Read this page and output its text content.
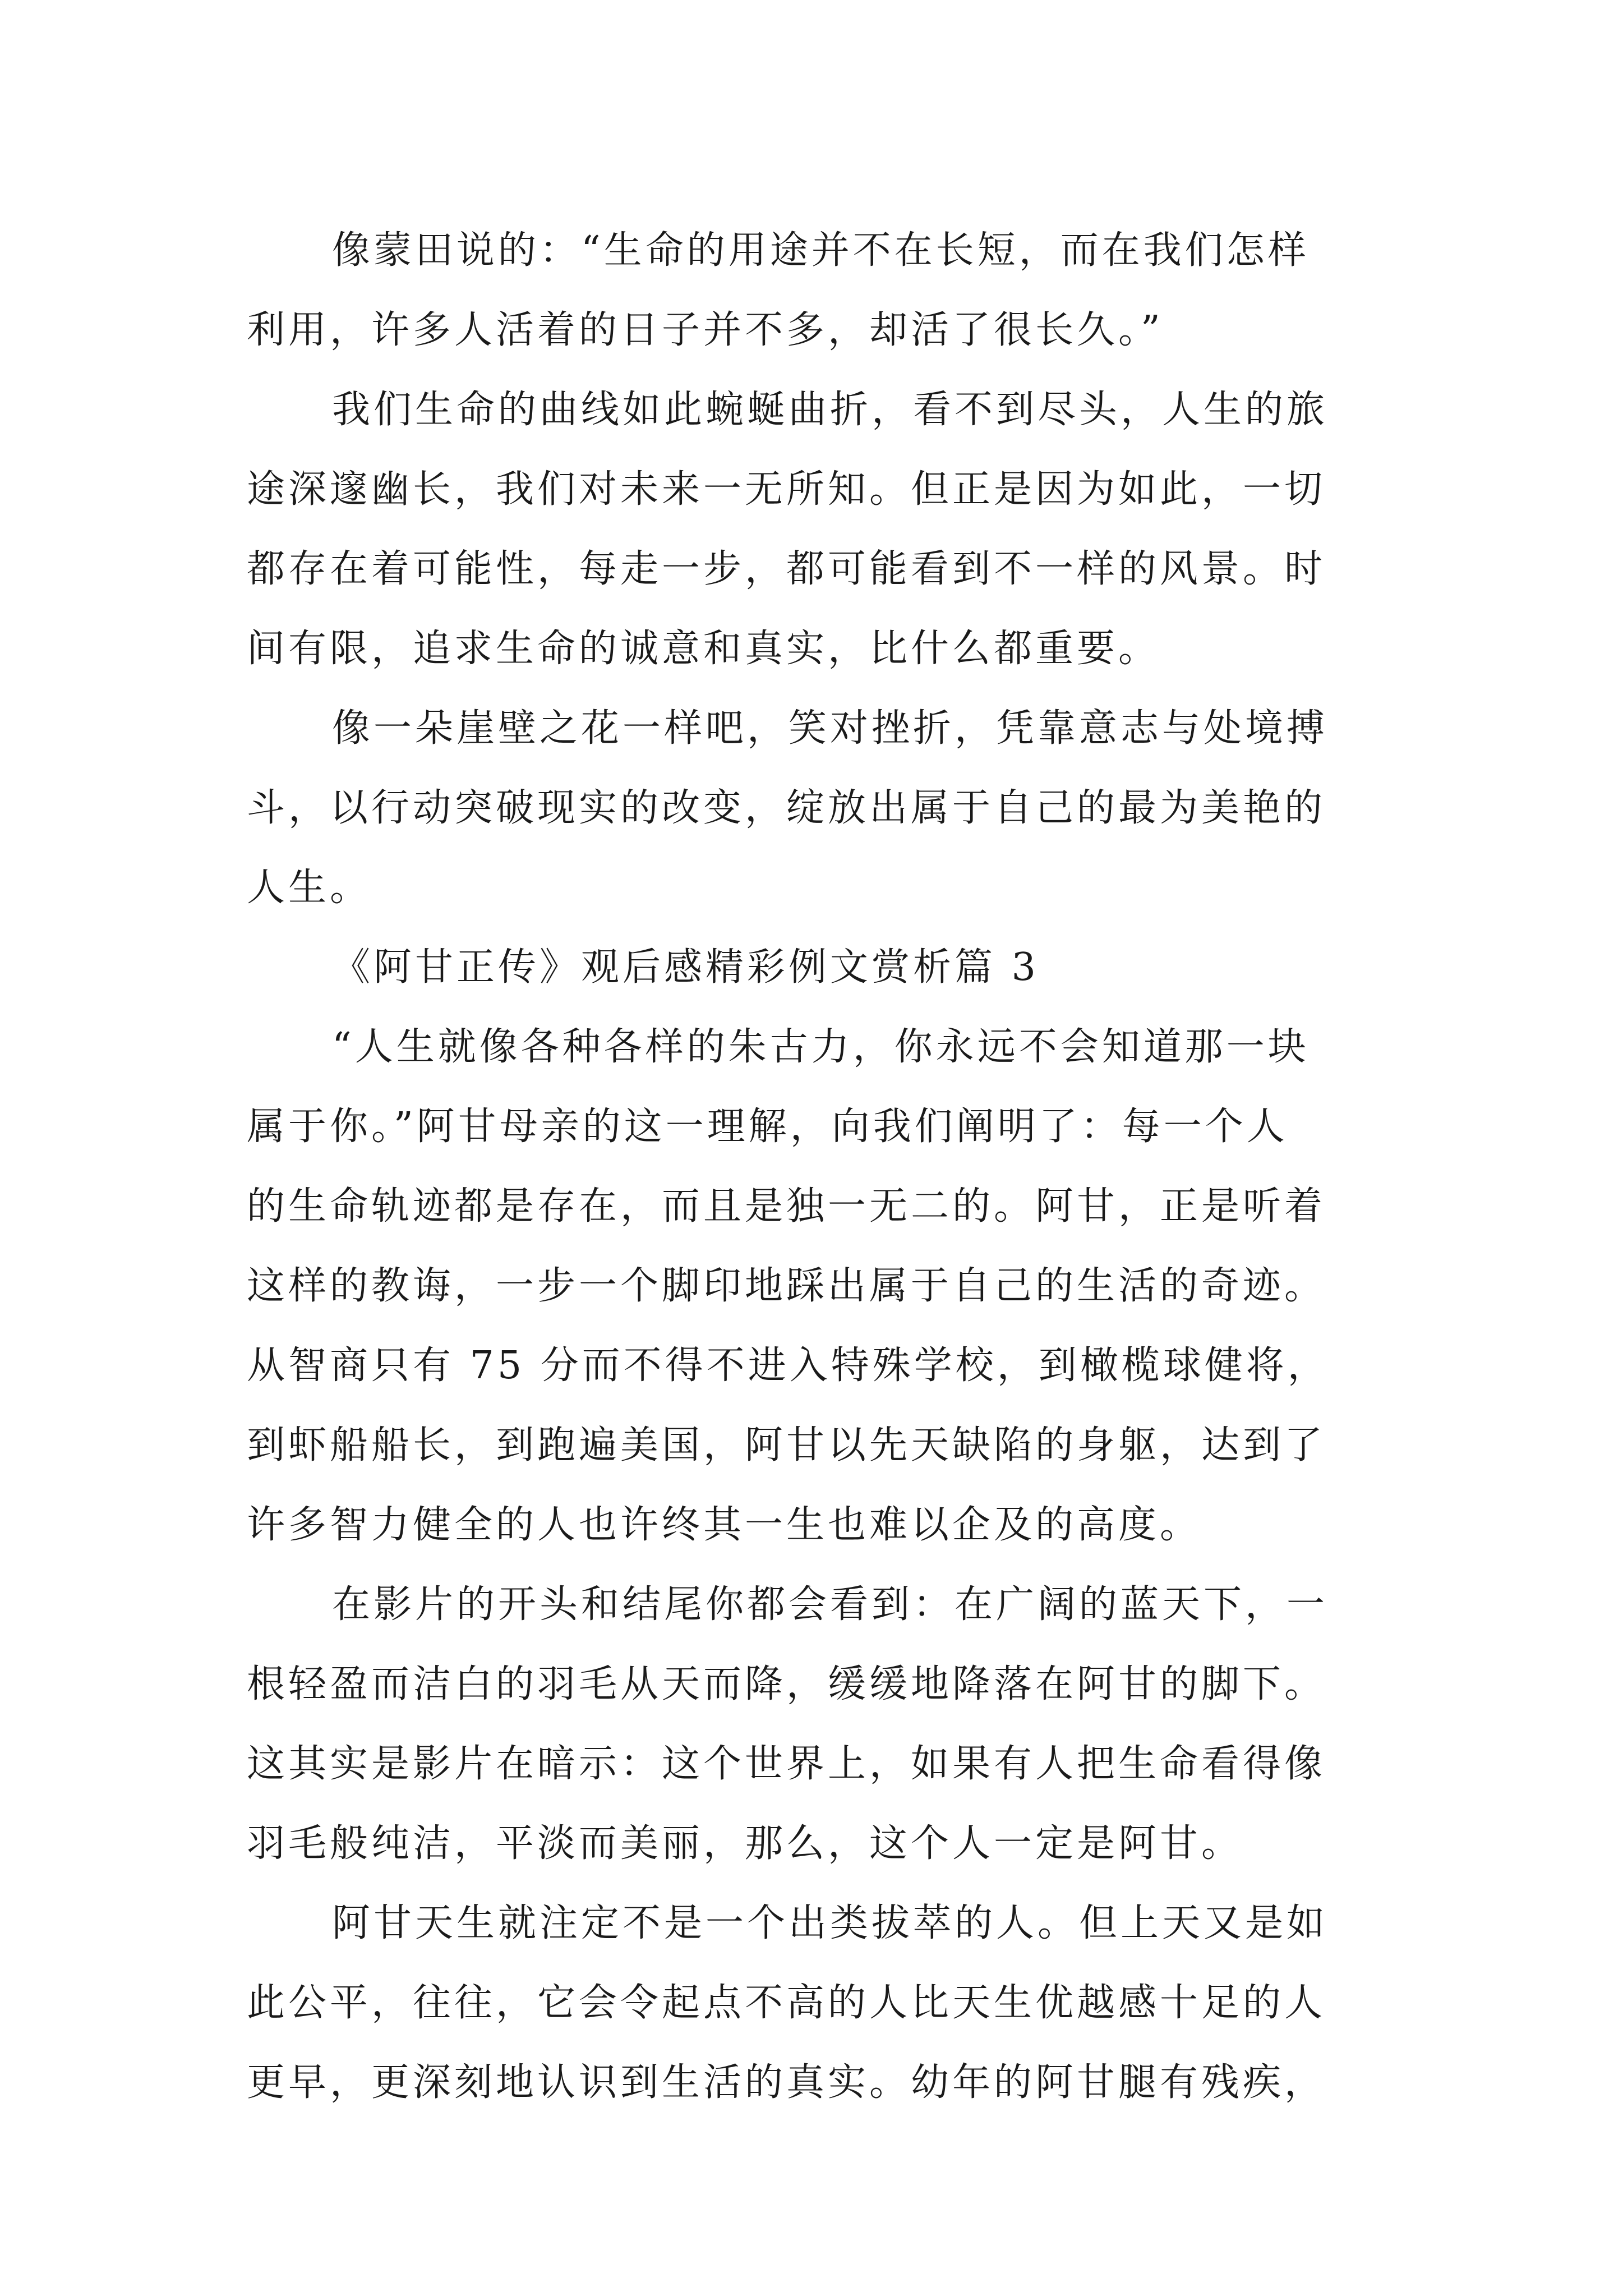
像蒙田说的：“生命的用途并不在长短，而在我们怎样
利用，许多人活着的日子并不多，却活了很长久。”
我们生命的曲线如此蜿蜒曲折，看不到尽头，人生的旅
途深邃幽长，我们对未来一无所知。但正是因为如此，一切
都存在着可能性，每走一步，都可能看到不一样的风景。时
间有限，追求生命的诚意和真实，比什么都重要。
像一朵崖壁之花一样吧，笑对挫折，凭靠意志与处境搏
斗，以行动突破现实的改变，绽放出属于自己的最为美艳的
人生。
《阿甘正传》观后感精彩例文赏析篇 3
“人生就像各种各样的朱古力，你永远不会知道那一块
属于你。”阿甘母亲的这一理解，向我们阐明了：每一个人
的生命轨迹都是存在，而且是独一无二的。阿甘，正是听着
这样的教诲，一步一个脚印地踩出属于自己的生活的奇迹。
从智商只有 75 分而不得不进入特殊学校，到橄榄球健将，
到虾船船长，到跑遍美国，阿甘以先天缺陷的身躯，达到了
许多智力健全的人也许终其一生也难以企及的高度。
在影片的开头和结尾你都会看到：在广阔的蓝天下，一
根轻盈而洁白的羽毛从天而降，缓缓地降落在阿甘的脚下。
这其实是影片在暗示：这个世界上，如果有人把生命看得像
羽毛般纯洁，平淡而美丽，那么，这个人一定是阿甘。
阿甘天生就注定不是一个出类拔萃的人。但上天又是如
此公平，往往，它会令起点不高的人比天生优越感十足的人
更早，更深刻地认识到生活的真实。幼年的阿甘腿有残疾，
